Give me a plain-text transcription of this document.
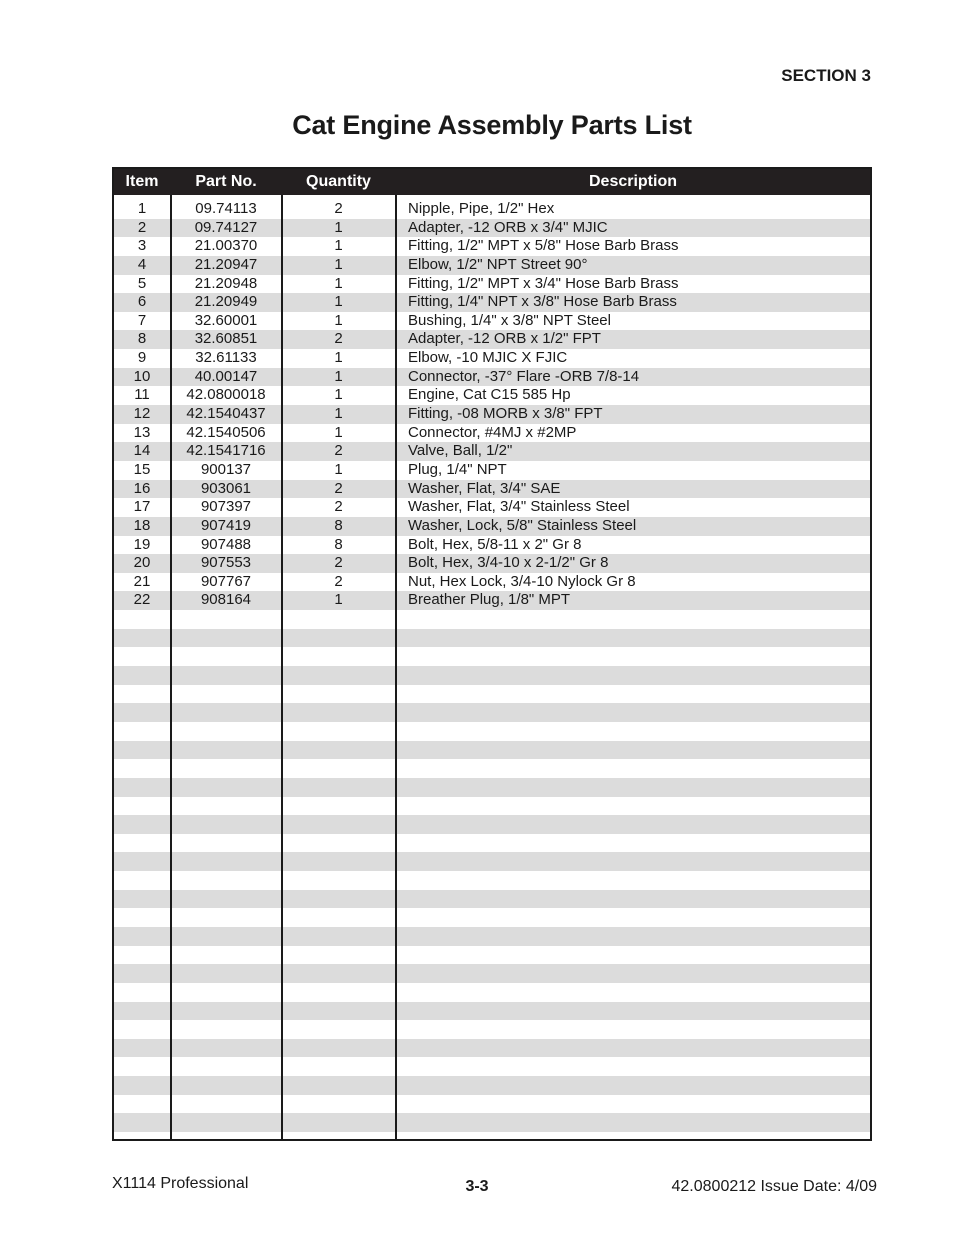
SECTION 3
Cat Engine Assembly Parts List
Item	Part No.	Quantity	Description
1	09.74113	2	Nipple, Pipe, 1/2" Hex
2	09.74127	1	Adapter, -12 ORB x 3/4" MJIC
3	21.00370	1	Fitting, 1/2" MPT x 5/8" Hose Barb Brass
4	21.20947	1	Elbow, 1/2" NPT Street 90°
5	21.20948	1	Fitting, 1/2" MPT x 3/4" Hose Barb Brass
6	21.20949	1	Fitting, 1/4" NPT x 3/8" Hose Barb Brass
7	32.60001	1	Bushing, 1/4" x 3/8" NPT Steel
8	32.60851	2	Adapter, -12 ORB x 1/2" FPT
9	32.61133	1	Elbow, -10 MJIC X FJIC
10	40.00147	1	Connector, -37° Flare -ORB 7/8-14
11	42.0800018	1	Engine, Cat C15 585 Hp
12	42.1540437	1	Fitting, -08 MORB x 3/8" FPT
13	42.1540506	1	Connector, #4MJ x #2MP
14	42.1541716	2	Valve, Ball, 1/2"
15	900137	1	Plug, 1/4" NPT
16	903061	2	Washer, Flat, 3/4" SAE
17	907397	2	Washer, Flat, 3/4" Stainless Steel
18	907419	8	Washer, Lock, 5/8" Stainless Steel
19	907488	8	Bolt, Hex, 5/8-11 x 2" Gr 8
20	907553	2	Bolt, Hex, 3/4-10 x 2-1/2" Gr 8
21	907767	2	Nut, Hex Lock, 3/4-10 Nylock Gr 8
22	908164	1	Breather Plug, 1/8" MPT
X1114 Professional	3-3	42.0800212 Issue Date: 4/09
